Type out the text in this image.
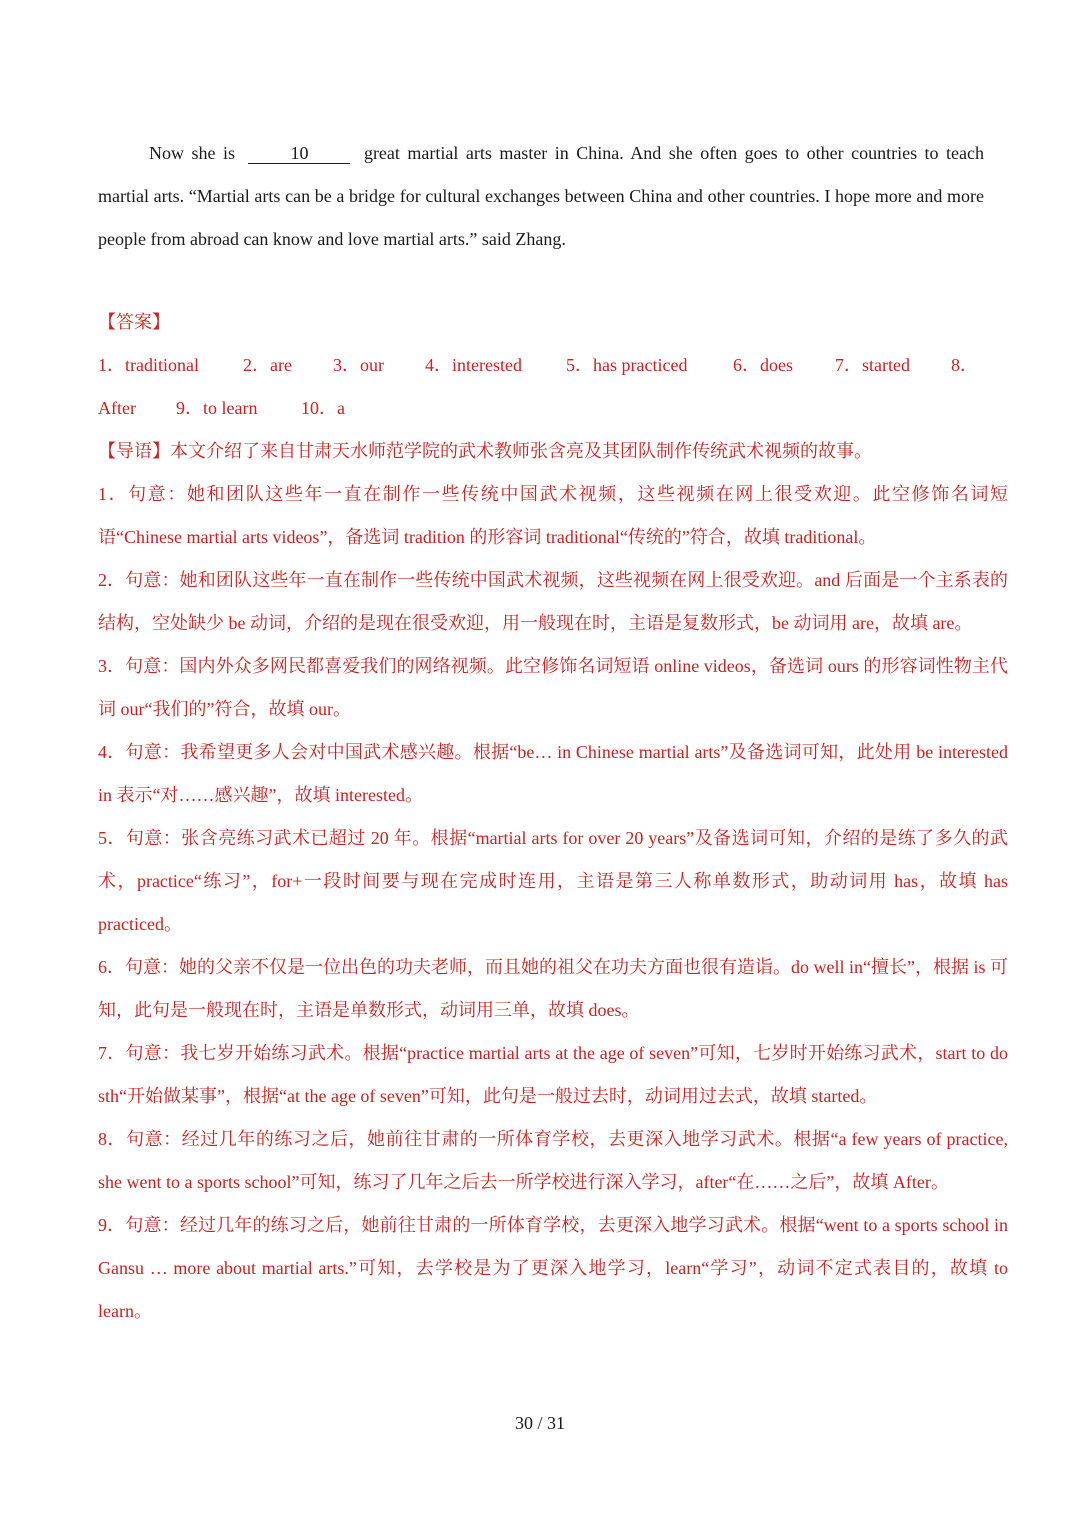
Now she is	10	great martial arts master in China. And she often goes to other countries to teach martial arts. “Martial arts can be a bridge for cultural exchanges between China and other countries. I hope more and more people from abroad can know and love martial arts.” said Zhang.
【答案】
1．traditional 2．are 3．our 4．interested 5．has practiced	6．does 7．started 8．
After 9．to learn 10．a
【导语】本文介绍了来自甘肃天水师范学院的武术教师张含亮及其团队制作传统武术视频的故事。
1．句意：她和团队这些年一直在制作一些传统中国武术视频，这些视频在网上很受欢迎。此空修饰名词短语“Chinese martial arts videos”，备选词 tradition 的形容词 traditional“传统的”符合，故填 traditional。
2．句意：她和团队这些年一直在制作一些传统中国武术视频，这些视频在网上很受欢迎。and 后面是一个主系表的结构，空处缺少 be 动词，介绍的是现在很受欢迎，用一般现在时，主语是复数形式，be 动词用 are，故填 are。
3．句意：国内外众多网民都喜爱我们的网络视频。此空修饰名词短语 online videos，备选词 ours 的形容词性物主代词 our“我们的”符合，故填 our。
4．句意：我希望更多人会对中国武术感兴趣。根据“be… in Chinese martial arts”及备选词可知，此处用 be interested in 表示“对……感兴趣”，故填 interested。
5．句意：张含亮练习武术已超过 20 年。根据“martial arts for over 20 years”及备选词可知，介绍的是练了多久的武术，practice“练习”，for+一段时间要与现在完成时连用，主语是第三人称单数形式，助动词用 has，故填 has practiced。
6．句意：她的父亲不仅是一位出色的功夫老师，而且她的祖父在功夫方面也很有造诣。do well in“擅长”，根据 is 可知，此句是一般现在时，主语是单数形式，动词用三单，故填 does。
7．句意：我七岁开始练习武术。根据“practice martial arts at the age of seven”可知，七岁时开始练习武术，start to do sth“开始做某事”，根据“at the age of seven”可知，此句是一般过去时，动词用过去式，故填 started。
8．句意：经过几年的练习之后，她前往甘肃的一所体育学校，去更深入地学习武术。根据“a few years of practice, she went to a sports school”可知，练习了几年之后去一所学校进行深入学习，after“在……之后”，故填 After。
9．句意：经过几年的练习之后，她前往甘肃的一所体育学校，去更深入地学习武术。根据“went to a sports school in Gansu … more about martial arts.”可知，去学校是为了更深入地学习，learn“学习”，动词不定式表目的，故填 to learn。
30 / 31
